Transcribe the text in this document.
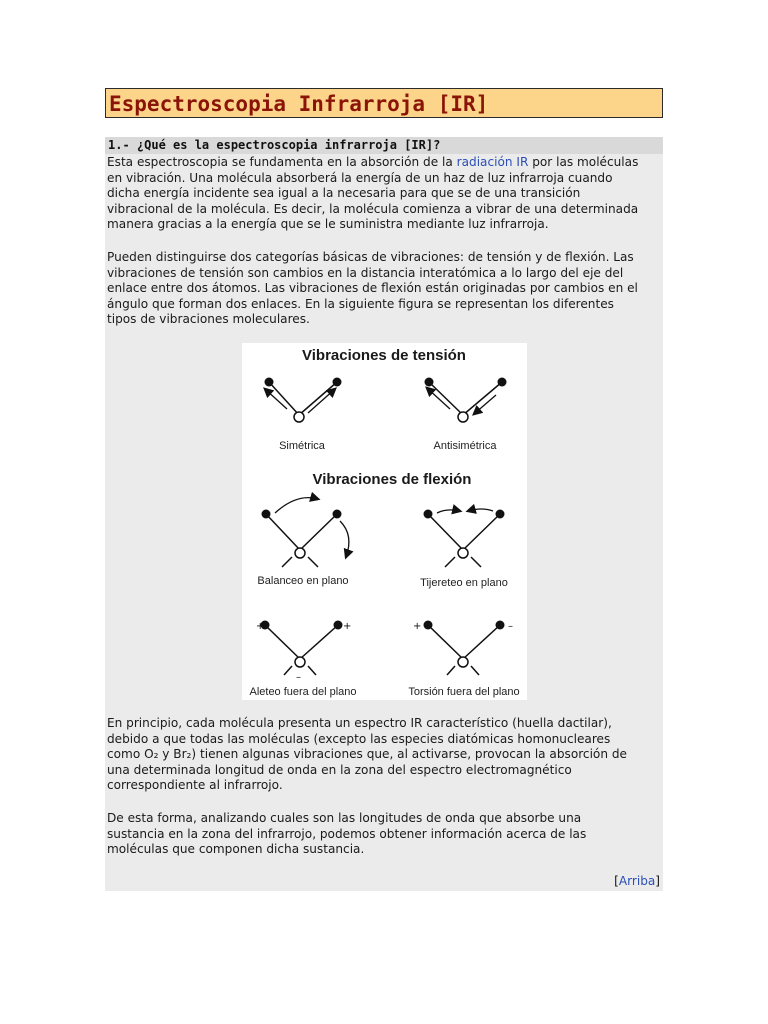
Espectroscopia Infrarroja [IR]
1.- ¿Qué es la espectroscopia infrarroja [IR]?
Esta espectroscopia se fundamenta en la absorción de la radiación IR por las moléculas
en vibración. Una molécula absorberá la energía de un haz de luz infrarroja cuando
dicha energía incidente sea igual a la necesaria para que se de una transición
vibracional de la molécula. Es decir, la molécula comienza a vibrar de una determinada
manera gracias a la energía que se le suministra mediante luz infrarroja.
Pueden distinguirse dos categorías básicas de vibraciones: de tensión y de flexión. Las
vibraciones de tensión son cambios en la distancia interatómica a lo largo del eje del
enlace entre dos átomos. Las vibraciones de flexión están originadas por cambios en el
ángulo que forman dos enlaces. En la siguiente figura se representan los diferentes
tipos de vibraciones moleculares.
Vibraciones de tensión
Simétrica	Antisimétrica
Vibraciones de flexión
Balanceo en plano	Tijereteo en plano
+	+
–
Aleteo fuera del plano
+	–
Torsión fuera del plano
En principio, cada molécula presenta un espectro IR característico (huella dactilar),
debido a que todas las moléculas (excepto las especies diatómicas homonucleares
como O₂ y Br₂) tienen algunas vibraciones que, al activarse, provocan la absorción de
una determinada longitud de onda en la zona del espectro electromagnético
correspondiente al infrarrojo.
De esta forma, analizando cuales son las longitudes de onda que absorbe una
sustancia en la zona del infrarrojo, podemos obtener información acerca de las
moléculas que componen dicha sustancia.
[Arriba]
